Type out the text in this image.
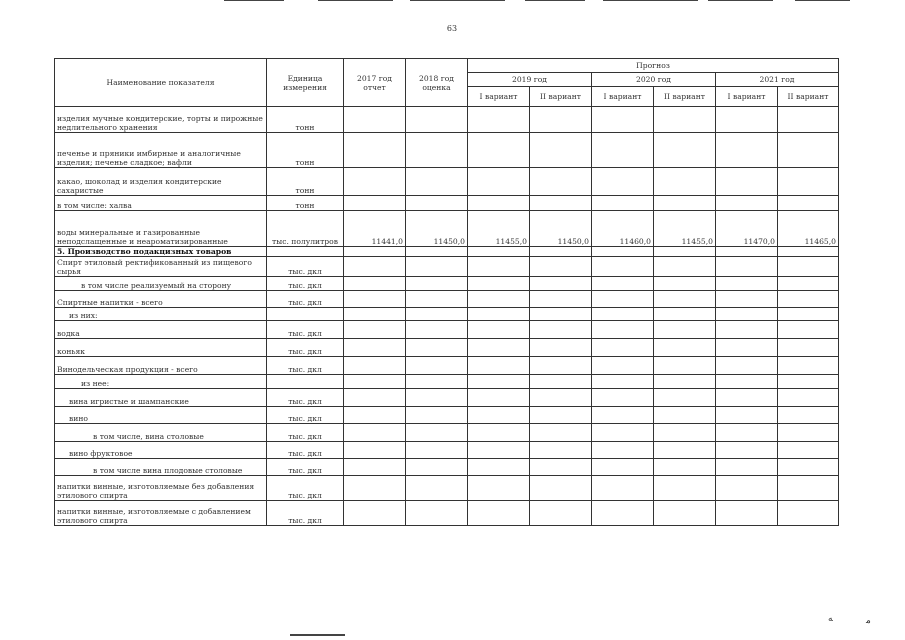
63
Наименование показателя	Единица измерения	2017 год отчет	2018 год оценка	Прогноз					
				2019 год		2020 год		2021 год	
				I вариант	II вариант	I вариант	II вариант	I вариант	II вариант
изделия мучные кондитерские, торты и пирожные недлительного хранения	тонн								
печенье и пряники имбирные и аналогичные изделия; печенье сладкое; вафли	тонн								
какао, шоколад и изделия кондитерские сахаристые	тонн								
в том числе: халва	тонн								
воды минеральные и газированные неподслащенные и неароматизированные	тыс. полулитров	11441,0	11450,0	11455,0	11450,0	11460,0	11455,0	11470,0	11465,0
5. Производство подакцизных товаров									
Спирт этиловый ректификованный из пищевого сырья	тыс. дкл								
в том числе реализуемый на сторону	тыс. дкл								
Спиртные напитки - всего	тыс. дкл								
из них:									
водка	тыс. дкл								
коньяк	тыс. дкл								
Винодельческая продукция - всего	тыс. дкл								
из нее:									
вина игристые и шампанские	тыс. дкл								
вино	тыс. дкл								
в том числе, вина столовые	тыс. дкл								
вино фруктовое	тыс. дкл								
в том числе вина плодовые столовые	тыс. дкл								
напитки винные, изготовляемые без добавления этилового спирта	тыс. дкл								
напитки винные, изготовляемые с добавлением этилового спирта	тыс. дкл								
ﻪ	ﻣ
